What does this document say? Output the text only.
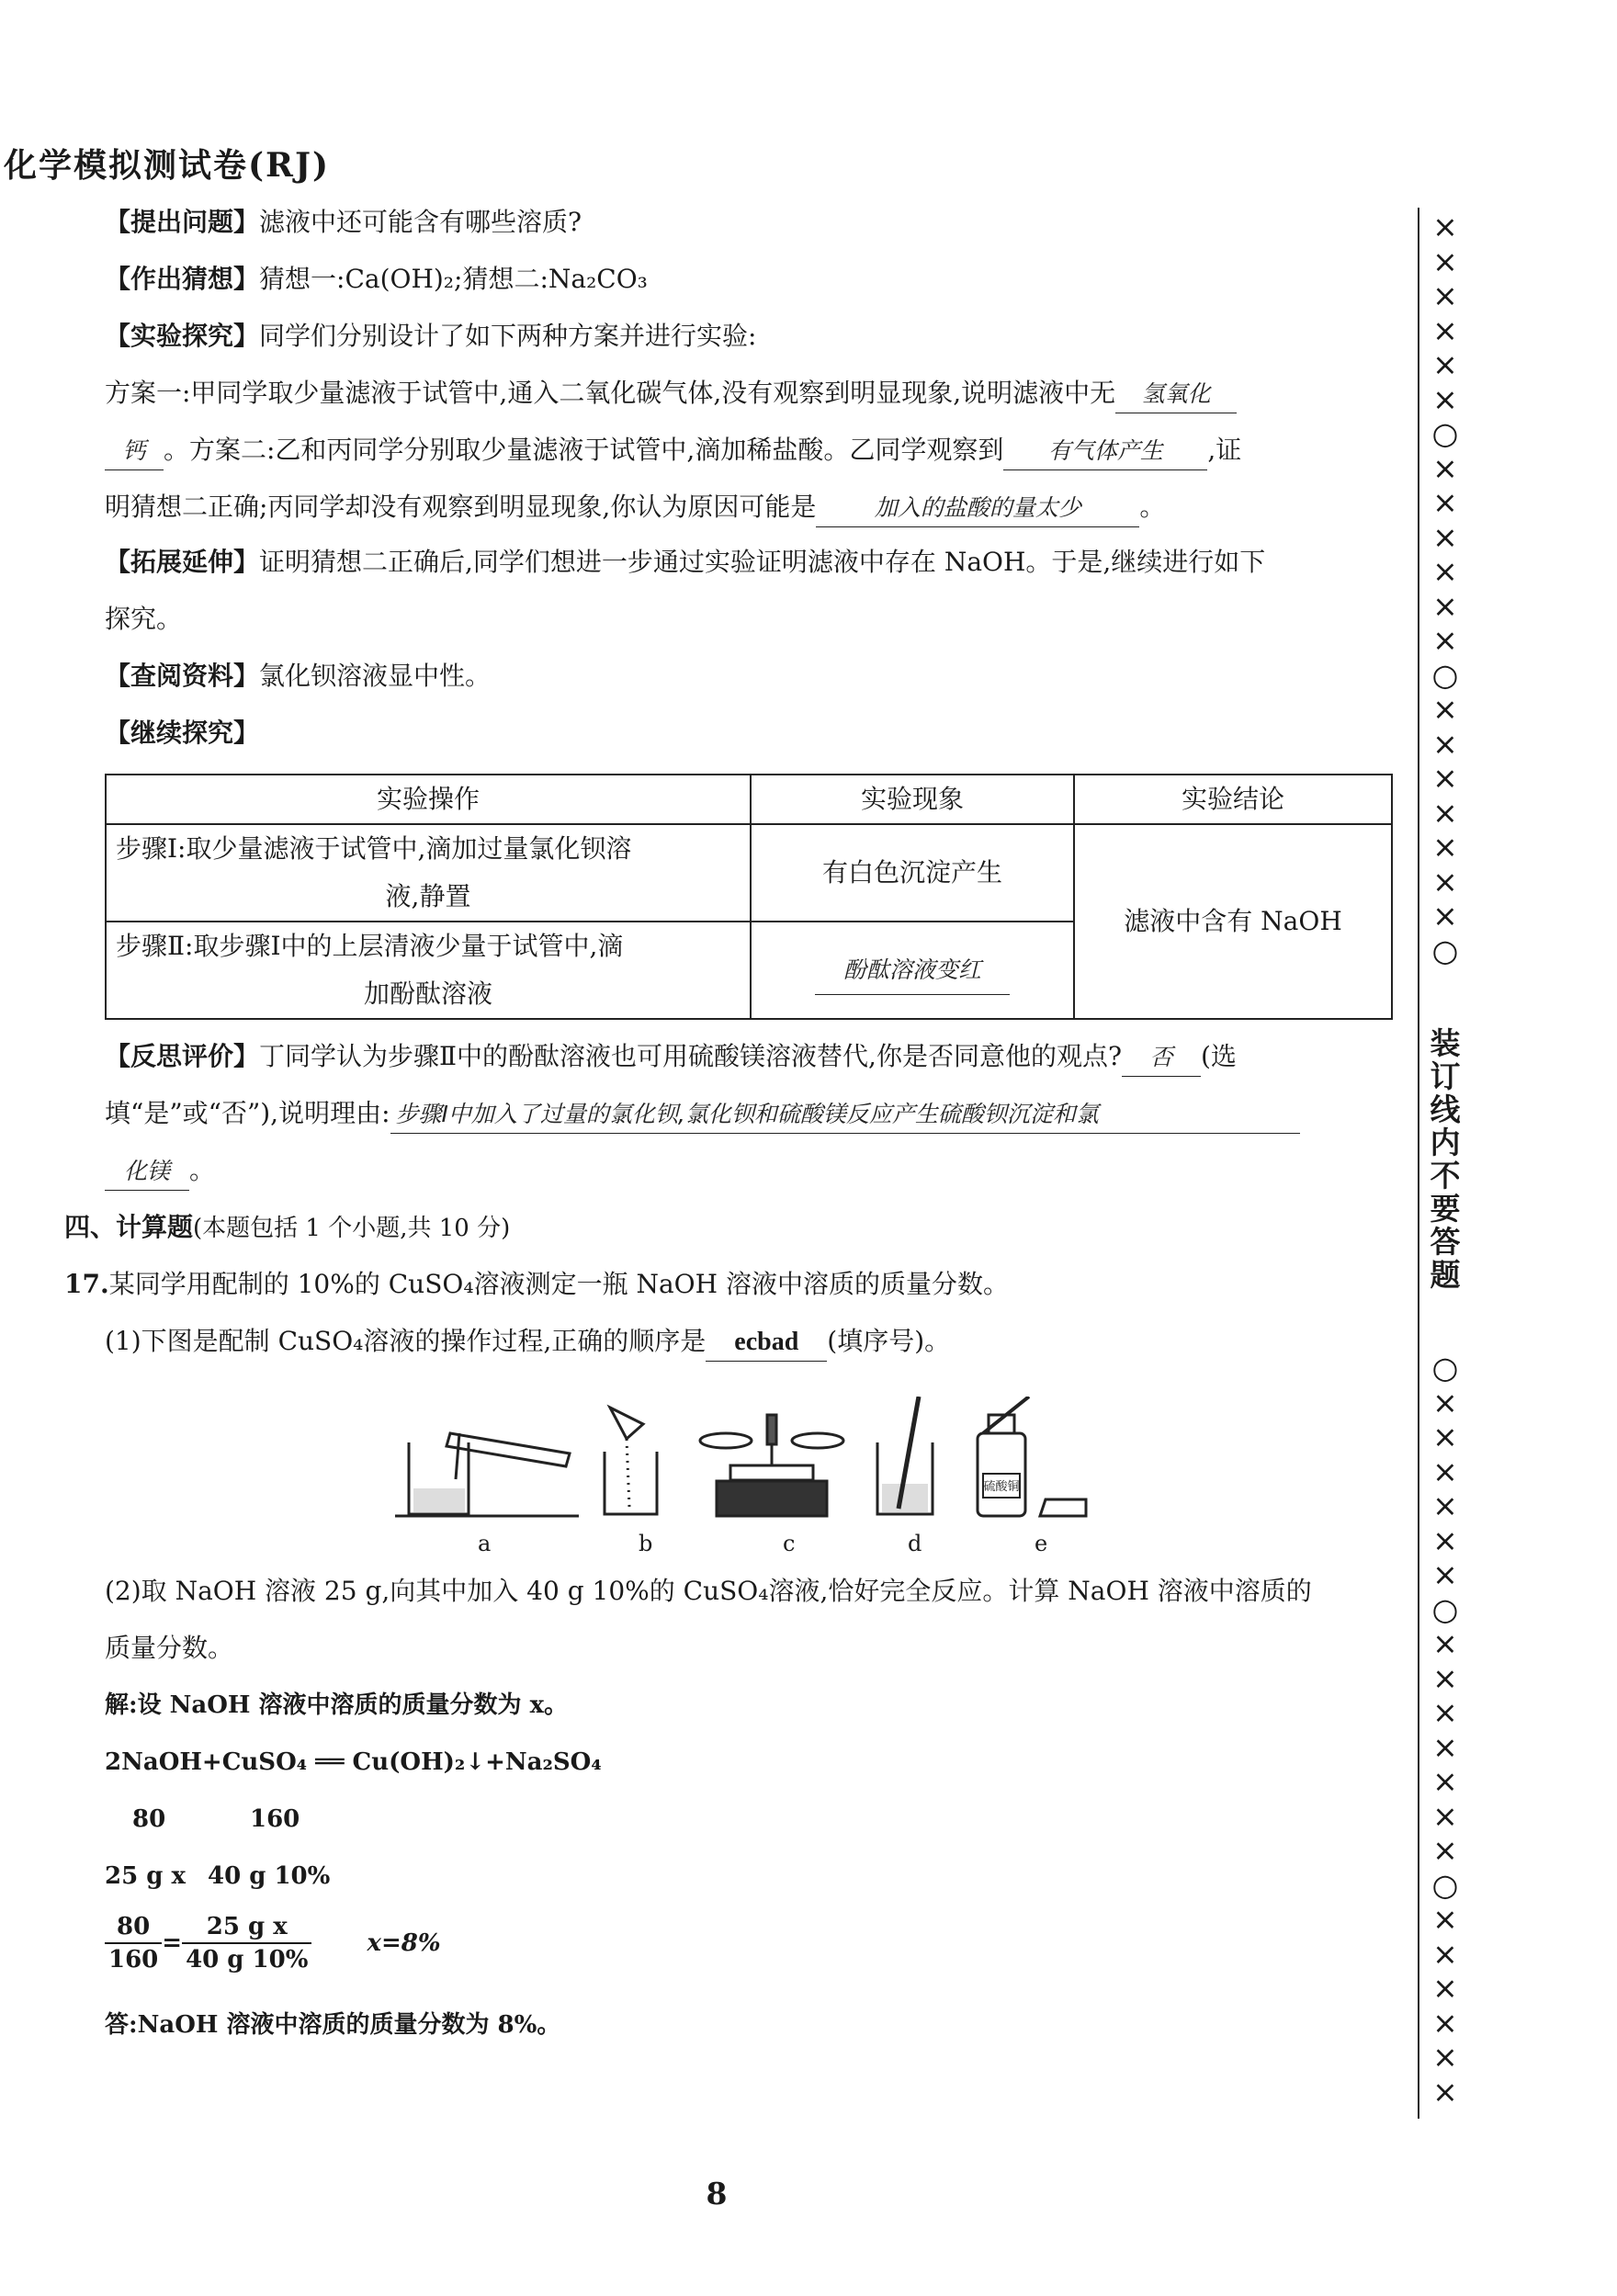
化学模拟测试卷(RJ)
【提出问题】滤液中还可能含有哪些溶质?
【作出猜想】猜想一:Ca(OH)₂;猜想二:Na₂CO₃
【实验探究】同学们分别设计了如下两种方案并进行实验:
方案一:甲同学取少量滤液于试管中,通入二氧化碳气体,没有观察到明显现象,说明滤液中无 氢氧化
钙 。方案二:乙和丙同学分别取少量滤液于试管中,滴加稀盐酸。乙同学观察到 有气体产生 ,证
明猜想二正确;丙同学却没有观察到明显现象,你认为原因可能是	加入的盐酸的量太少 。
【拓展延伸】证明猜想二正确后,同学们想进一步通过实验证明滤液中存在 NaOH。于是,继续进行如下
探究。
【查阅资料】氯化钡溶液显中性。
【继续探究】
实验操作	实验现象	实验结论

步骤Ⅰ:取少量滤液于试管中,滴加过量氯化钡溶
液,静置	有白色沉淀产生	滤液中含有 NaOH

步骤Ⅱ:取步骤Ⅰ中的上层清液少量于试管中,滴
加酚酞溶液	酚酞溶液变红	
【反思评价】丁同学认为步骤Ⅱ中的酚酞溶液也可用硫酸镁溶液替代,你是否同意他的观点? 否 (选
填“是”或“否”),说明理由: 步骤Ⅰ中加入了过量的氯化钡,氯化钡和硫酸镁反应产生硫酸钡沉淀和氯
化镁 。
四、计算题(本题包括 1 个小题,共 10 分)
17.某同学用配制的 10%的 CuSO₄溶液测定一瓶 NaOH 溶液中溶质的质量分数。
(1)下图是配制 CuSO₄溶液的操作过程,正确的顺序是 ecbad (填序号)。
硫酸铜
a	b	c	d	e
(2)取 NaOH 溶液 25 g,向其中加入 40 g 10%的 CuSO₄溶液,恰好完全反应。计算 NaOH 溶液中溶质的
质量分数。
解:设 NaOH 溶液中溶质的质量分数为 x。
2NaOH+CuSO₄ ══ Cu(OH)₂↓+Na₂SO₄
80	160
25 g x 40 g 10%
$\frac{80}{160} = \frac{\text{25 g x}}{40 g 10\%} x=8\%$
答:NaOH 溶液中溶质的质量分数为 8%。
×
×
×
×
×
×
○
×
×
×
×
×
×
○
×
×
×
×
×
×
×
○
装
订
线
内
不
要
答
题
○
×
×
×
×
×
×
○
×
×
×
×
×
×
×
○
×
×
×
×
×
×
8
